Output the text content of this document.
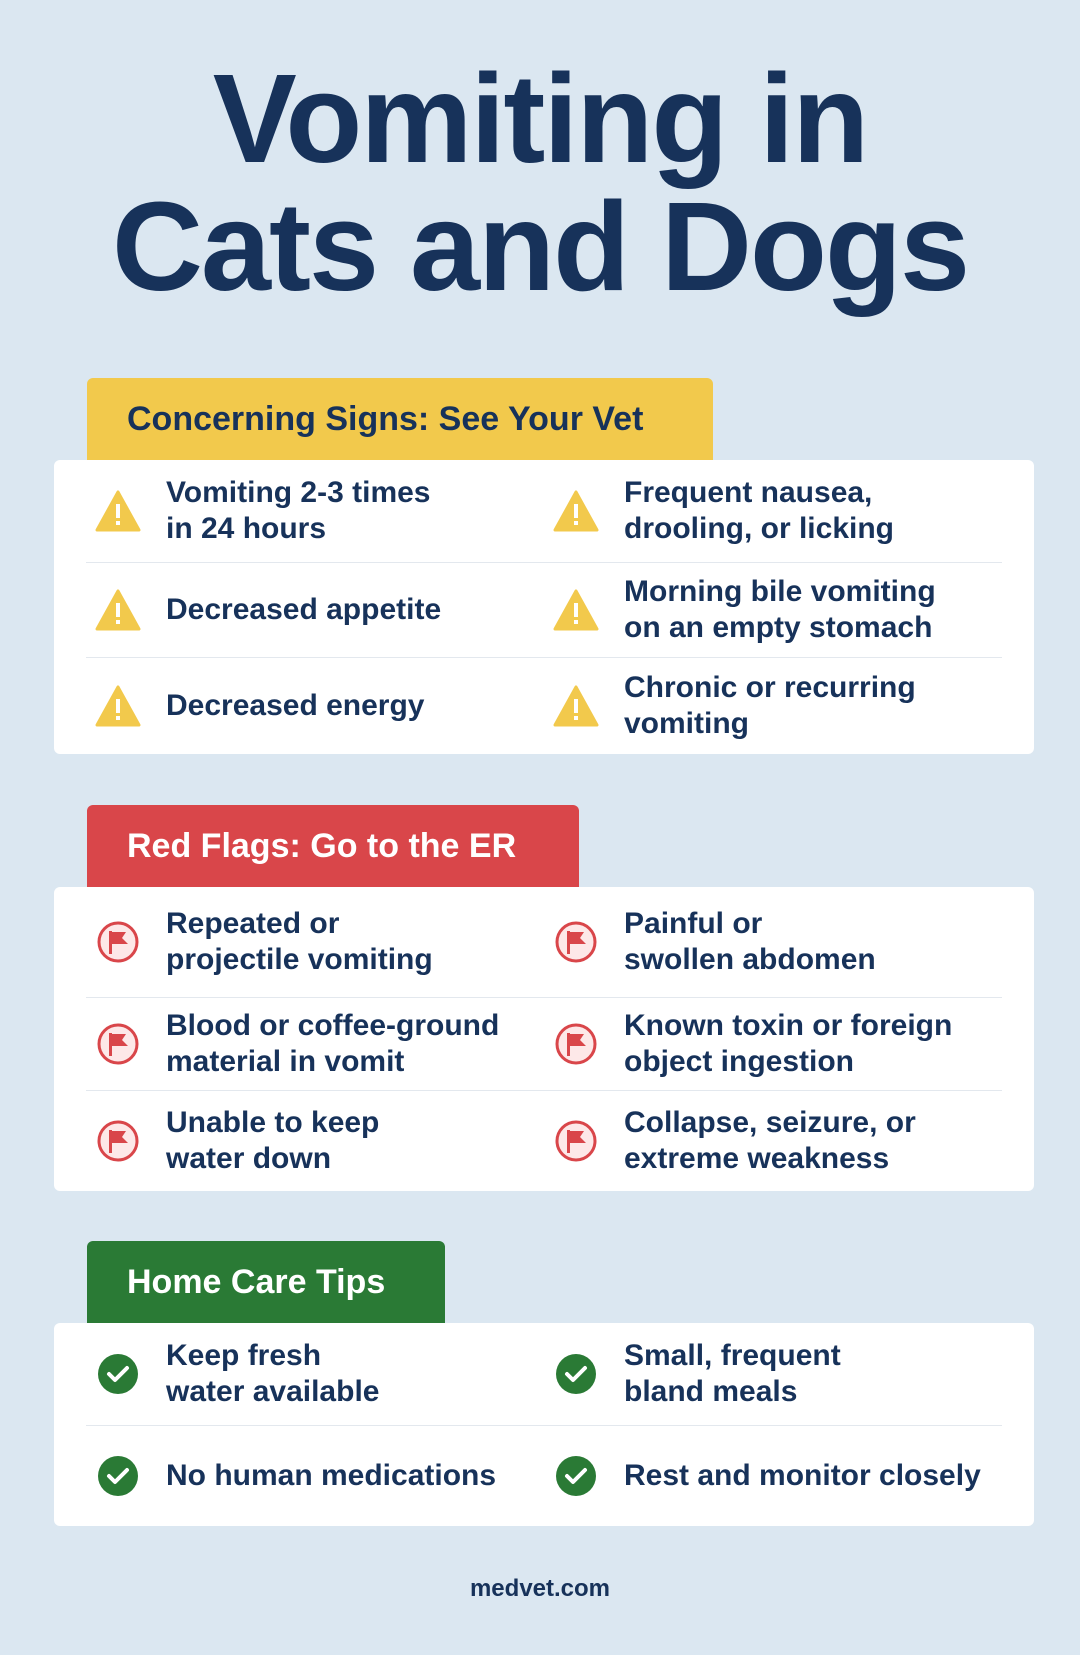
Vomiting in
Cats and Dogs
Concerning Signs: See Your Vet
Vomiting 2-3 times
in 24 hours
Frequent nausea,
drooling, or licking
Decreased appetite
Morning bile vomiting
on an empty stomach
Decreased energy
Chronic or recurring
vomiting
Red Flags: Go to the ER
Repeated or
projectile vomiting
Painful or
swollen abdomen
Blood or coffee-ground
material in vomit
Known toxin or foreign
object ingestion
Unable to keep
water down
Collapse, seizure, or
extreme weakness
Home Care Tips
Keep fresh
water available
Small, frequent
bland meals
No human medications	Rest and monitor closely
medvet.com
